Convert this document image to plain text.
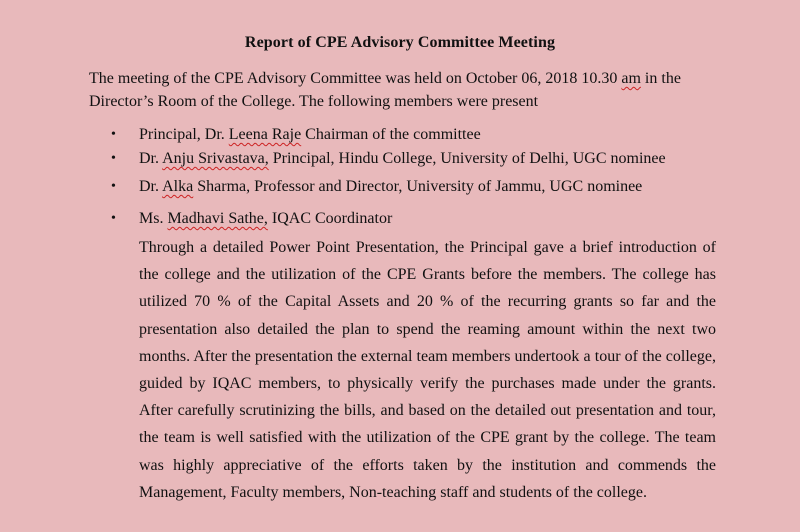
Report of CPE Advisory Committee Meeting

The meeting of the CPE Advisory Committee was held on October 06, 2018 10.30 am in the

Director’s Room of the College. The following members were present

• Principal, Dr. Leena Raje Chairman of the committee
• Dr. Anju Srivastava, Principal, Hindu College, University of Delhi, UGC nominee
• Dr. Alka Sharma, Professor and Director, University of Jammu, UGC nominee
• Ms. Madhavi Sathe, IQAC Coordinator

Through a detailed Power Point Presentation, the Principal gave a brief introduction of the college and the utilization of the CPE Grants before the members. The college has utilized 70 % of the Capital Assets and 20 % of the recurring grants so far and the presentation also detailed the plan to spend the reaming amount within the next two months. After the presentation the external team members undertook a tour of the college, guided by IQAC members, to physically verify the purchases made under the grants. After carefully scrutinizing the bills, and based on the detailed out presentation and tour, the team is well satisfied with the utilization of the CPE grant by the college. The team was highly appreciative of the efforts taken by the institution and commends the Management, Faculty members, Non-teaching staff and students of the college.
